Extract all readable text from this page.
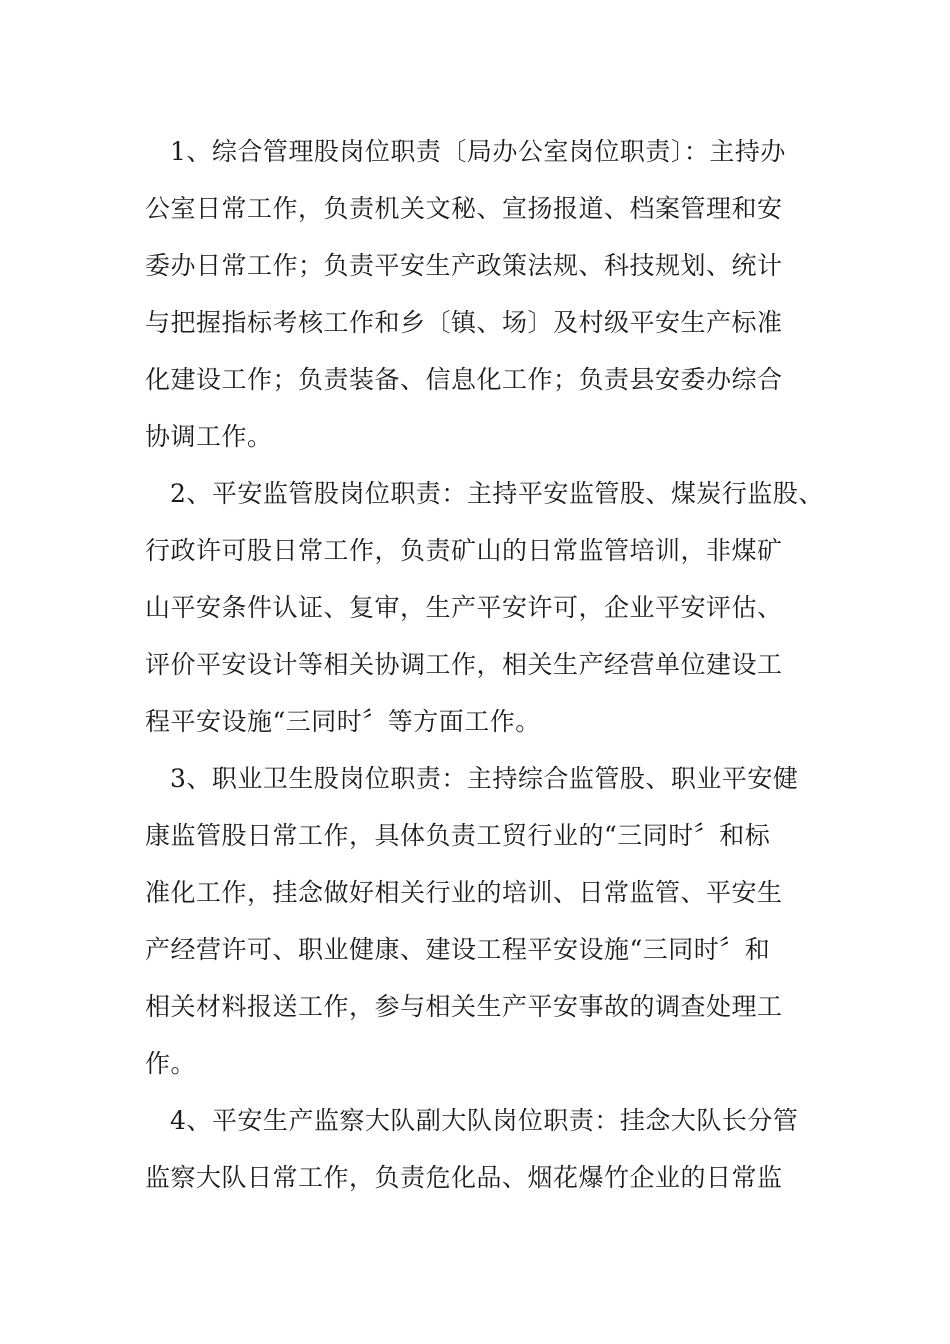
1、综合管理股岗位职责〔局办公室岗位职责〕：主持办
公室日常工作，负责机关文秘、宣扬报道、档案管理和安
委办日常工作；负责平安生产政策法规、科技规划、统计
与把握指标考核工作和乡〔镇、场〕及村级平安生产标准
化建设工作；负责装备、信息化工作；负责县安委办综合
协调工作。
2、平安监管股岗位职责：主持平安监管股、煤炭行监股、
行政许可股日常工作，负责矿山的日常监管培训，非煤矿
山平安条件认证、复审，生产平安许可，企业平安评估、
评价平安设计等相关协调工作，相关生产经营单位建设工
程平安设施“三同时〞等方面工作。
3、职业卫生股岗位职责：主持综合监管股、职业平安健
康监管股日常工作，具体负责工贸行业的“三同时〞和标
准化工作，挂念做好相关行业的培训、日常监管、平安生
产经营许可、职业健康、建设工程平安设施“三同时〞和
相关材料报送工作，参与相关生产平安事故的调查处理工
作。
4、平安生产监察大队副大队岗位职责：挂念大队长分管
监察大队日常工作，负责危化品、烟花爆竹企业的日常监
